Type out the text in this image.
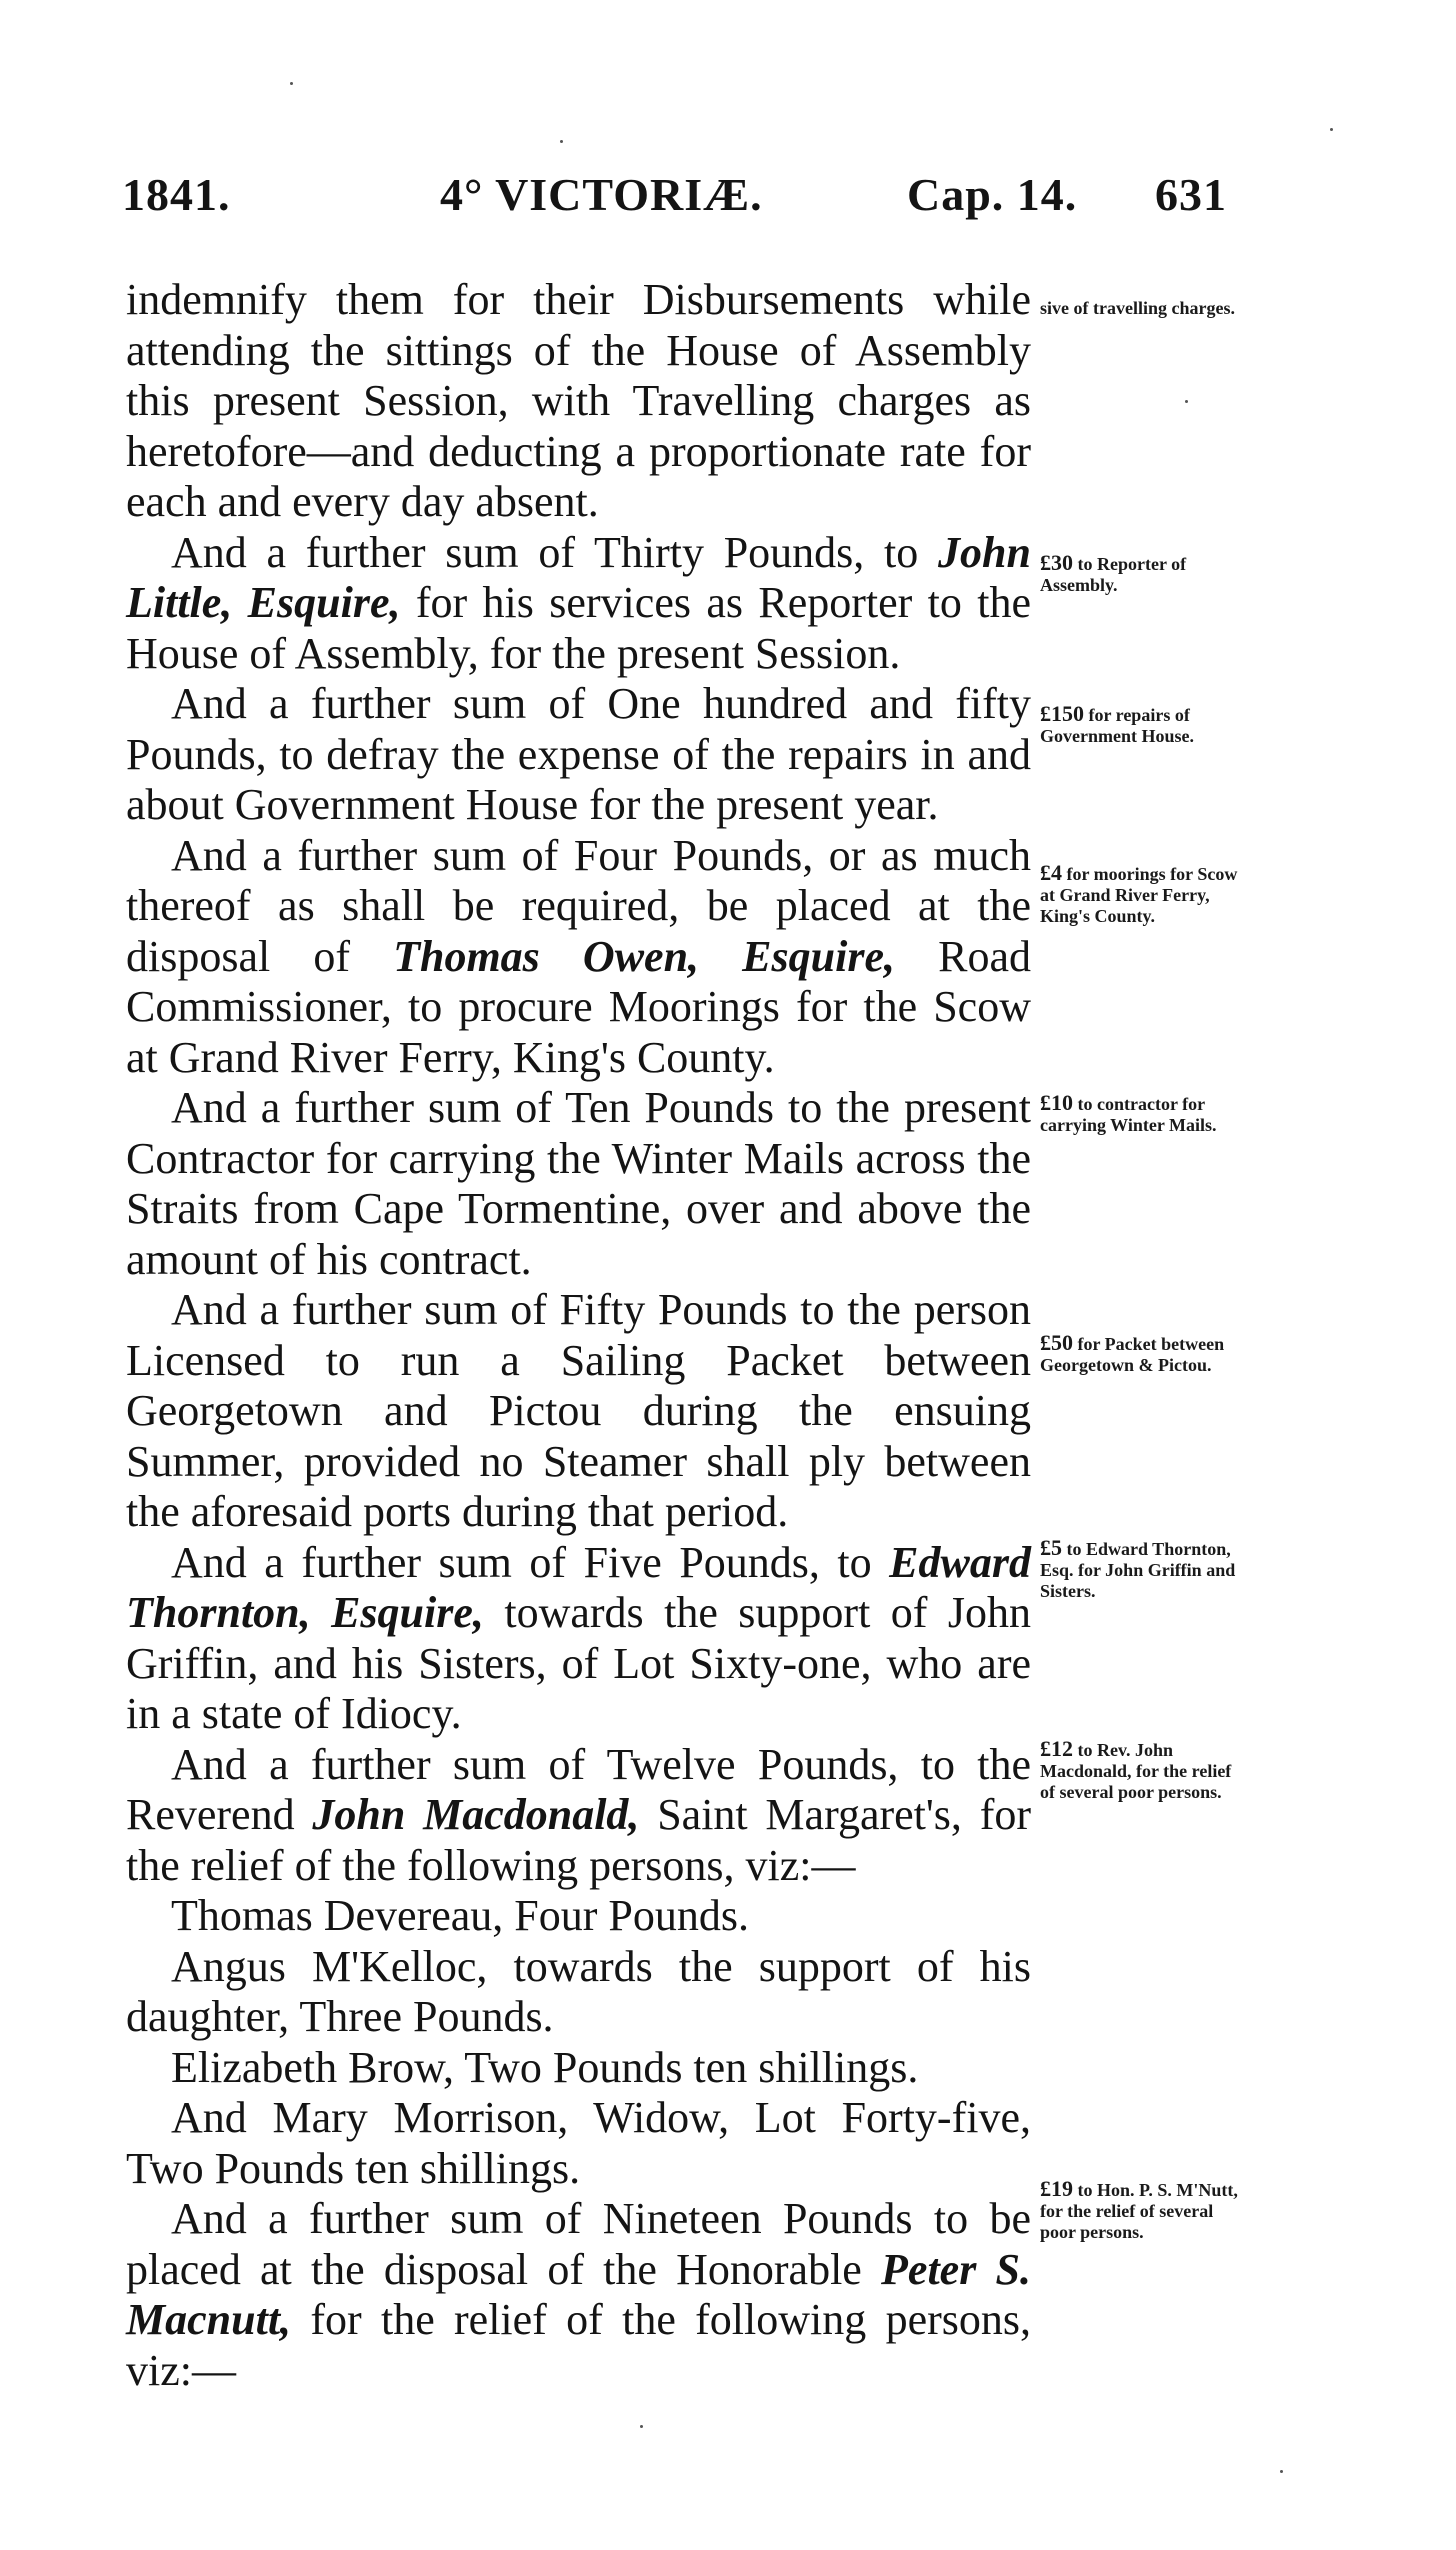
1841.	4° VICTORIÆ.	Cap. 14. 631

indemnify them for their Disbursements while attending the sittings of the House of Assembly this present Session, with Travelling charges as heretofore—and deducting a proportionate rate for each and every day absent.

And a further sum of Thirty Pounds, to John Little, Esquire, for his services as Reporter to the House of Assembly, for the present Session.

And a further sum of One hundred and fifty Pounds, to defray the expense of the repairs in and about Government House for the present year.

And a further sum of Four Pounds, or as much thereof as shall be required, be placed at the disposal of Thomas Owen, Esquire, Road Commissioner, to procure Moorings for the Scow at Grand River Ferry, King's County.

And a further sum of Ten Pounds to the present Contractor for carrying the Winter Mails across the Straits from Cape Tormentine, over and above the amount of his contract.

And a further sum of Fifty Pounds to the person Licensed to run a Sailing Packet between Georgetown and Pictou during the ensuing Summer, provided no Steamer shall ply between the aforesaid ports during that period.

And a further sum of Five Pounds, to Edward Thornton, Esquire, towards the support of John Griffin, and his Sisters, of Lot Sixty-one, who are in a state of Idiocy.

And a further sum of Twelve Pounds, to the Reverend John Macdonald, Saint Margaret's, for the relief of the following persons, viz:—

Thomas Devereau, Four Pounds.

Angus M'Kelloc, towards the support of his daughter, Three Pounds.

Elizabeth Brow, Two Pounds ten shillings.

And Mary Morrison, Widow, Lot Forty-five, Two Pounds ten shillings.

And a further sum of Nineteen Pounds to be placed at the disposal of the Honorable Peter S. Macnutt, for the relief of the following persons, viz:—

sive of travelling charges.
£30 to Reporter of Assembly.
£150 for repairs of Government House.
£4 for moorings for Scow at Grand River Ferry, King's County.
£10 to contractor for carrying Winter Mails.
£50 for Packet between Georgetown & Pictou.
£5 to Edward Thornton, Esq. for John Griffin and Sisters.
£12 to Rev. John Macdonald, for the relief of several poor persons.
£19 to Hon. P. S. M'Nutt, for the relief of several poor persons.
